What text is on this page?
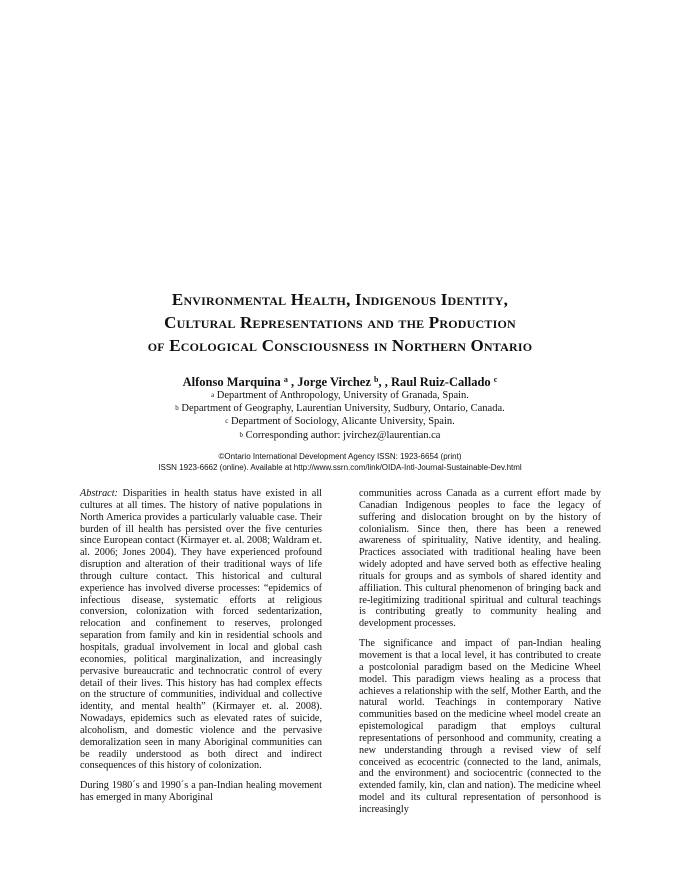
Environmental Health, Indigenous Identity,
Cultural Representations and the Production
of Ecological Consciousness in Northern Ontario
Alfonso Marquina $^a$ , Jorge Virchez $^b$, , Raul Ruiz-Callado $^c$
$^a$ Department of Anthropology, University of Granada, Spain.
$^b$ Department of Geography, Laurentian University, Sudbury, Ontario, Canada.
$^c$ Department of Sociology, Alicante University, Spain.
$^b$ Corresponding author: jvirchez@laurentian.ca
©Ontario International Development Agency ISSN: 1923-6654 (print)
ISSN 1923-6662 (online). Available at http://www.ssrn.com/link/OIDA-Intl-Journal-Sustainable-Dev.html

Abstract: Disparities in health status have existed in all cultures at all times. The history of native populations in North America provides a particularly valuable case. Their burden of ill health has persisted over the five centuries since European contact (Kirmayer et. al. 2008; Waldram et. al. 2006; Jones 2004). They have experienced profound disruption and alteration of their traditional ways of life through culture contact. This historical and cultural experience has involved diverse processes: “epidemics of infectious disease, systematic efforts at religious conversion, colonization with forced sedentarization, relocation and confinement to reserves, prolonged separation from family and kin in residential schools and hospitals, gradual involvement in local and global cash economies, political marginalization, and increasingly pervasive bureaucratic and technocratic control of every detail of their lives. This history has had complex effects on the structure of communities, individual and collective identity, and mental health” (Kirmayer et. al. 2008). Nowadays, epidemics such as elevated rates of suicide, alcoholism, and domestic violence and the pervasive demoralization seen in many Aboriginal communities can be readily understood as both direct and indirect consequences of this history of colonization.

During 1980´s and 1990´s a pan-Indian healing movement has emerged in many Aboriginal

communities across Canada as a current effort made by Canadian Indigenous peoples to face the legacy of suffering and dislocation brought on by the history of colonialism. Since then, there has been a renewed awareness of spirituality, Native identity, and healing. Practices associated with traditional healing have been widely adopted and have served both as effective healing rituals for groups and as symbols of shared identity and affiliation. This cultural phenomenon of bringing back and re-legitimizing traditional spiritual and cultural teachings is contributing greatly to community healing and development processes.

The significance and impact of pan-Indian healing movement is that a local level, it has contributed to create a postcolonial paradigm based on the Medicine Wheel model. This paradigm views healing as a process that achieves a relationship with the self, Mother Earth, and the natural world. Teachings in contemporary Native communities based on the medicine wheel model create an epistemological paradigm that employs cultural representations of personhood and community, creating a new understanding through a revised view of self conceived as ecocentric (connected to the land, animals, and the environment) and sociocentric (connected to the extended family, kin, clan and nation). The medicine wheel model and its cultural representation of personhood is increasingly
